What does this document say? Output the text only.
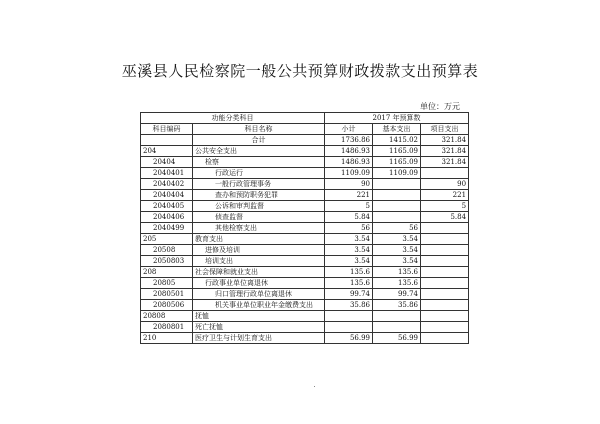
巫溪县人民检察院一般公共预算财政拨款支出预算表
单位：万元
功能分类科目		2017 年预算数		
科目编码	科目名称	小计	基本支出	项目支出
	合计	1736.86	1415.02	321.84
204	公共安全支出	1486.93	1165.09	321.84
20404	检察	1486.93	1165.09	321.84
2040401	行政运行	1109.09	1109.09	
2040402	一般行政管理事务	90		90
2040404	查办和预防职务犯罪	221		221
2040405	公诉和审判监督	5		5
2040406	侦查监督	5.84		5.84
2040499	其他检察支出	56	56	
205	教育支出	3.54	3.54	
20508	进修及培训	3.54	3.54	
2050803	培训支出	3.54	3.54	
208	社会保障和就业支出	135.6	135.6	
20805	行政事业单位离退休	135.6	135.6	
2080501	归口管理行政单位离退休	99.74	99.74	
2080506	机关事业单位职业年金缴费支出	35.86	35.86	
20808	抚恤			
2080801	死亡抚恤			
210	医疗卫生与计划生育支出	56.99	56.99	
